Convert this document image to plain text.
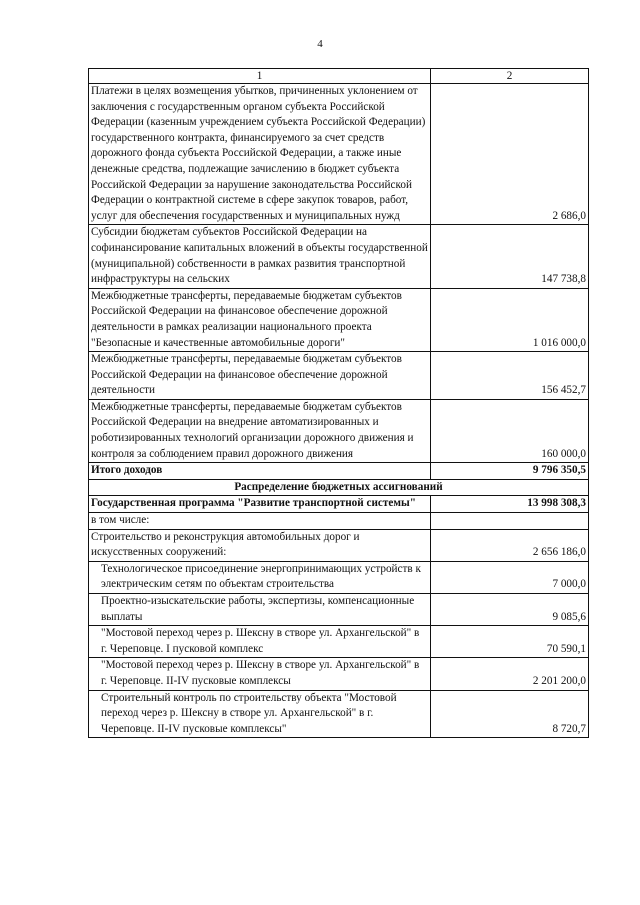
4
1	2
Платежи в целях возмещения убытков, причиненных уклонением от заключения с государственным органом субъекта Российской Федерации (казенным учреждением субъекта Российской Федерации) государственного контракта, финансируемого за счет средств дорожного фонда субъекта Российской Федерации, а также иные денежные средства, подлежащие зачислению в бюджет субъекта Российской Федерации за нарушение законодательства Российской Федерации о контрактной системе в сфере закупок товаров, работ, услуг для обеспечения государственных и муниципальных нужд	2 686,0
Субсидии бюджетам субъектов Российской Федерации на софинансирование капитальных вложений в объекты государственной (муниципальной) собственности в рамках развития транспортной инфраструктуры на сельских	147 738,8
Межбюджетные трансферты, передаваемые бюджетам субъектов Российской Федерации на финансовое обеспечение дорожной деятельности в рамках реализации национального проекта "Безопасные и качественные автомобильные дороги"	1 016 000,0
Межбюджетные трансферты, передаваемые бюджетам субъектов Российской Федерации на финансовое обеспечение дорожной деятельности	156 452,7
Межбюджетные трансферты, передаваемые бюджетам субъектов Российской Федерации на внедрение автоматизированных и роботизированных технологий организации дорожного движения и контроля за соблюдением правил дорожного движения	160 000,0
Итого доходов	9 796 350,5
Распределение бюджетных ассигнований	
Государственная программа "Развитие транспортной системы"	13 998 308,3
в том числе:	
Строительство и реконструкция автомобильных дорог и искусственных сооружений:	2 656 186,0
Технологическое присоединение энергопринимающих устройств к электрическим сетям по объектам строительства	7 000,0
Проектно-изыскательские работы, экспертизы, компенсационные выплаты	9 085,6
"Мостовой переход через р. Шексну в створе ул. Архангельской" в г. Череповце. I пусковой комплекс	70 590,1
"Мостовой переход через р. Шексну в створе ул. Архангельской" в г. Череповце. II-IV пусковые комплексы	2 201 200,0
Строительный контроль по строительству объекта "Мостовой переход через р. Шексну в створе ул. Архангельской" в г. Череповце. II-IV пусковые комплексы"	8 720,7
